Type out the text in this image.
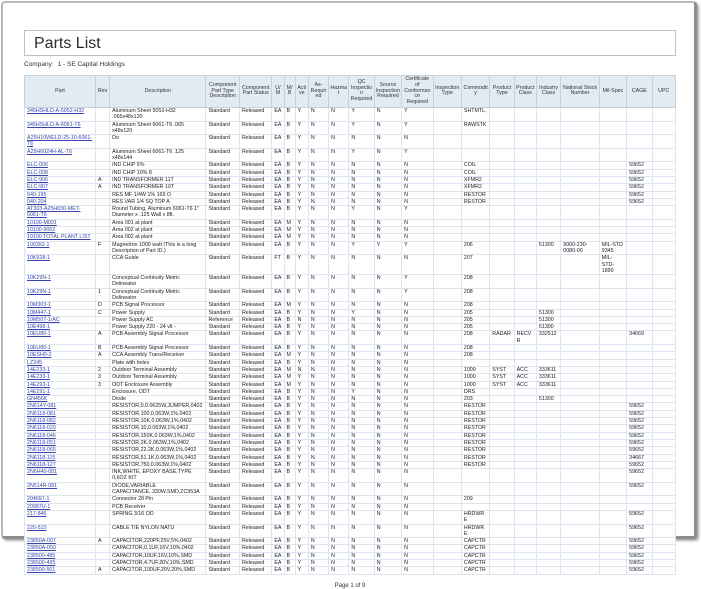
Parts List
Company: 1 - SE Capital Holdings
Part	Rev	Description	Component Part Type Description	Component Part Status	U/ M	M/ B	Active	As-Required	Hazmat	QC Inspection Required	Source Inspection Required	Certificate of Conformance Required	Inspection Type	Commodity	Product Type	Product Class	Industry Class	National Stock Number	Mil-Spec	CAGE	UPC
345HSHLD-A-5052-H32		Aluminum Sheet 5052-H32 .065x48x120	Standard	Released	EA	B	Y	N	N	Y	N	Y		SHTMTL,							
345HSHLD-A-6061-T6		Aluminum Sheet 6061-T6 .065 x48x120	Standard	Released	EA	B	Y	N	N	Y	N	Y		RAWSTK							
A25H10WELD-25-10-6061-T6		Do	Standard	Released	EA	B	Y	N	N	N	N	N									
A25H6024H-AL-T6		Aluminum Sheet 6061-T6 .125 x48x144	Standard	Released	EA	B	Y	N	N	Y	N	Y									
ELC-006		IND CHIP 5%	Standard	Released	EA	B	Y	N	N	N	N	N		COIL						59652	
ELC-008		IND CHIP 10% 8	Standard	Released	EA	B	Y	N	N	N	N	N		COIL						59652	
ELC-906	A	IND TRANSFORMER 11T	Standard	Released	EA	B	Y	N	N	N	N	N		XFMR2						59652	
ELC-907	A	IND TRANSFORMER 10T	Standard	Released	EA	B	Y	N	N	N	N	N		XFMR2						59652	
040-195		RES MF 1/4W 1% 169 O	Standard	Released	EA	B	Y	N	N	N	N	N		RESTOR						59652	
040-204		RES VAR 1/4 SQ TOP A	Standard	Released	EA	B	Y	N	N	N	N	N		RESTOR						59652	
AT303-A25H030-MET-6061-T6		Round Tubing, Aluminum 6061-T6 1" Diameter x .125 Wall x 8ft.	Standard	Released	EA	B	Y	N	N	Y	N	Y									
10100-M001		Area 001 at plant	Standard	Released	EA	M	Y	N	N	N	N	N									
10100-9002		Area 002 at plant	Standard	Released	EA	M	Y	N	N	N	N	N									
10100 TOTAL PLANT LIST		Area 002 at plant	Standard	Released	EA	M	Y	N	N	N	N	N									
100392-1	F	Magnetron 1000 watt (This is a long Description of Part ID.)	Standard	Released	EA	B	Y	N	N	Y	Y	Y		206			51300	9000-230-0080-00	MIL-STD 9345		
10K928-1		CCA Guide	Standard	Released	FT	B	Y	N	N	N	N	N		207					MIL-STD-1890		
10K29N-1		Conceptual Continuity Metric Delineator	Standard	Released	EA	B	Y	N	N	N	N	Y		208							
10K29N-1	1	Conceptual Continuity Metric Delineator	Standard	Released	EA	B	Y	N	N	N	N	Y		208							
10M303-1	D	PCB Signal Processor	Standard	Released	EA	M	Y	N	N	N	N	N		208							
10M447-1	C	Power Supply	Standard	Released	EA	B	Y	N	N	Y	N	N		205			51300				
10M507-1/AC		Power Supply AC	Reference	Released	EA	B	N	N	N	N	N	N		205			51300				
10E498-1		Power Supply 220 - 24 vlt -	Standard	Released	EA	B	Y	N	N	N	N	N		205			51300				
10EU80-1	A	PCB Assembly Signal Processor	Standard	Released	EA	B	Y	N	N	N	N	N		208	RADAR	RECVR	332512			34669	
10EU80-1	B	PCB Assembly Signal Processor	Standard	Released	EA	B	Y	N	N	N	N	N		208							
10ESH0-2	A	CCA Assembly Trans/Receiver	Standard	Released	EA	M	Y	N	N	N	N	N		208							
LZ345		Plate with holes	Standard	Released	EA	B	Y	N	N	N	N	N									
14E233-1	2	Outdoor Terminal Assembly	Standard	Released	EA	M	N	N	N	N	N	N		1000	SYST	ACC	333611				
14E233-1	3	Outdoor Terminal Assembly	Standard	Released	EA	M	Y	N	N	N	N	N		1000	SYST	ACC	333611				
14E293-1	3	ODT Enclosure Assembly	Standard	Released	EA	M	Y	N	N	N	N	N		1000	SYST	ACC	333611				
14E291-1		Enclosure, ODT	Standard	Released	EA	B	Y	N	N	Y	N	N		DRS							
GN456K		Diode	Standard	Released	EA	B	Y	N	N	N	N	N		203			51300				
2N614Y-081		RESISTOR,0.0.0625W,JUMPER,0402	Standard	Released	EA	B	Y	N	N	N	N	N		RESTOR						59652	
2N6118-081		RESISTOR,100,0.063W,1%,0402	Standard	Released	EA	B	Y	N	N	N	N	N		RESTOR						59652	
2N6118-082		RESISTOR,10K,0.063W,1%,0402	Standard	Released	EA	B	Y	N	N	N	N	N		RESTOR						59652	
2N6118-029		RESISTOR,10,0.063W,1%,0402	Standard	Released	EA	B	Y	N	N	N	N	N		RESTOR						59652	
2N6118-046		RESISTOR,150K,0.063W,1%,0402	Standard	Released	EA	B	Y	N	N	N	N	N		RESTOR						59652	
2N6118-051		RESISTOR,2K,0.063W,1%,0402	Standard	Released	EA	B	Y	N	N	N	N	N		RESTOR						59652	
2N6118-065		RESISTOR,22.2K,0.063W,1%,0402	Standard	Released	EA	B	Y	N	N	N	N	N		RESTOR						59652	
2N6118-115		RESISTOR,51.1K,0.063W,1%,0402	Standard	Released	EA	B	Y	N	N	N	N	N		RESTOR						34667	
2N6118-127		RESISTOR,750,0.063W,1%,0402	Standard	Released	EA	B	Y	N	N	N	N	N		RESTOR						59652	
2N6H40-081		INK,WHITE, EPOXY BASE,TYPE II,6OZ KIT	Standard	Released	EA	B	Y	N	N	N	N	N								59652	
2N514R-081		DIODE,VARIABLE CAPACITANCE,.330W,SMD,ZC953A	Standard	Released	EA	B	Y	N	N	N	N	N								59652	
204697-1		Connector 28 Pin	Standard	Released	EA	B	Y	N	N	N	N	N		209							
20987U-1		PCB Receiver	Standard	Released	EA	B	Y	N	N	N	N	N									
217-846		SPRING 3/16 OD	Standard	Released	EA	B	Y	N	N	N	N	N		HRDWRE						59652	
220-510		CABLE TIE NYLON NATU	Standard	Released	EA	B	Y	N	N	N	N	N		HRDWRE						59652	
23850A-007	A	CAPACITOR,220PF,25V,5%,0402	Standard	Released	EA	B	Y	N	N	N	N	N		CAPCTR						59652	
23850A-050		CAPACITOR,0.1UF,16V,10%,0402	Standard	Released	EA	B	Y	N	N	N	N	N		CAPCTR						59652	
238500-485		CAPACITOR,10UF,16V,10%,SMD	Standard	Released	EA	B	Y	N	N	N	N	N		CAPCTR						59652	
238500-495		CAPACITOR,4.7UF,20V,10%,SMD	Standard	Released	EA	B	Y	N	N	N	N	N		CAPCTR						59652	
238500-501	A	CAPACITOR,100UF,20V,20%,SMD	Standard	Released	EA	B	Y	N	N	N	N	N		CAPCTR						59652	
Page 1 of 9
